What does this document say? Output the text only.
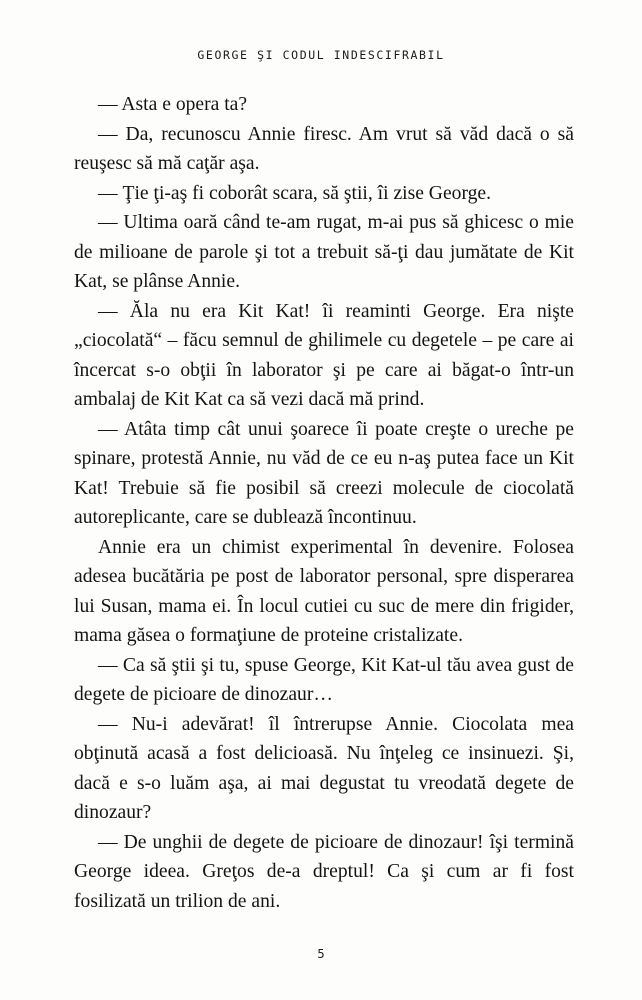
GEORGE ŞI CODUL INDESCIFRABIL

— Asta e opera ta?

— Da, recunoscu Annie firesc. Am vrut să văd dacă o să reuşesc să mă caţăr aşa.

— Ţie ţi-aş fi coborât scara, să ştii, îi zise George.

— Ultima oară când te-am rugat, m-ai pus să ghicesc o mie de milioane de parole şi tot a trebuit să-ţi dau jumătate de Kit Kat, se plânse Annie.

— Ăla nu era Kit Kat! îi reaminti George. Era nişte „ciocolată“ – făcu semnul de ghilimele cu degetele – pe care ai încercat s-o obţii în laborator şi pe care ai băgat-o într-un ambalaj de Kit Kat ca să vezi dacă mă prind.

— Atâta timp cât unui şoarece îi poate creşte o ureche pe spinare, protestă Annie, nu văd de ce eu n-aş putea face un Kit Kat! Trebuie să fie posibil să creezi molecule de ciocolată autoreplicante, care se dublează încontinuu.

Annie era un chimist experimental în devenire. Folosea adesea bucătăria pe post de laborator personal, spre disperarea lui Susan, mama ei. În locul cutiei cu suc de mere din frigider, mama găsea o formaţiune de proteine cristalizate.

— Ca să ştii şi tu, spuse George, Kit Kat-ul tău avea gust de degete de picioare de dinozaur…

— Nu-i adevărat! îl întrerupse Annie. Ciocolata mea obţinută acasă a fost delicioasă. Nu înţeleg ce insinuezi. Şi, dacă e s-o luăm aşa, ai mai degustat tu vreodată degete de dinozaur?

— De unghii de degete de picioare de dinozaur! îşi termină George ideea. Greţos de-a dreptul! Ca şi cum ar fi fost fosilizată un trilion de ani.

5
